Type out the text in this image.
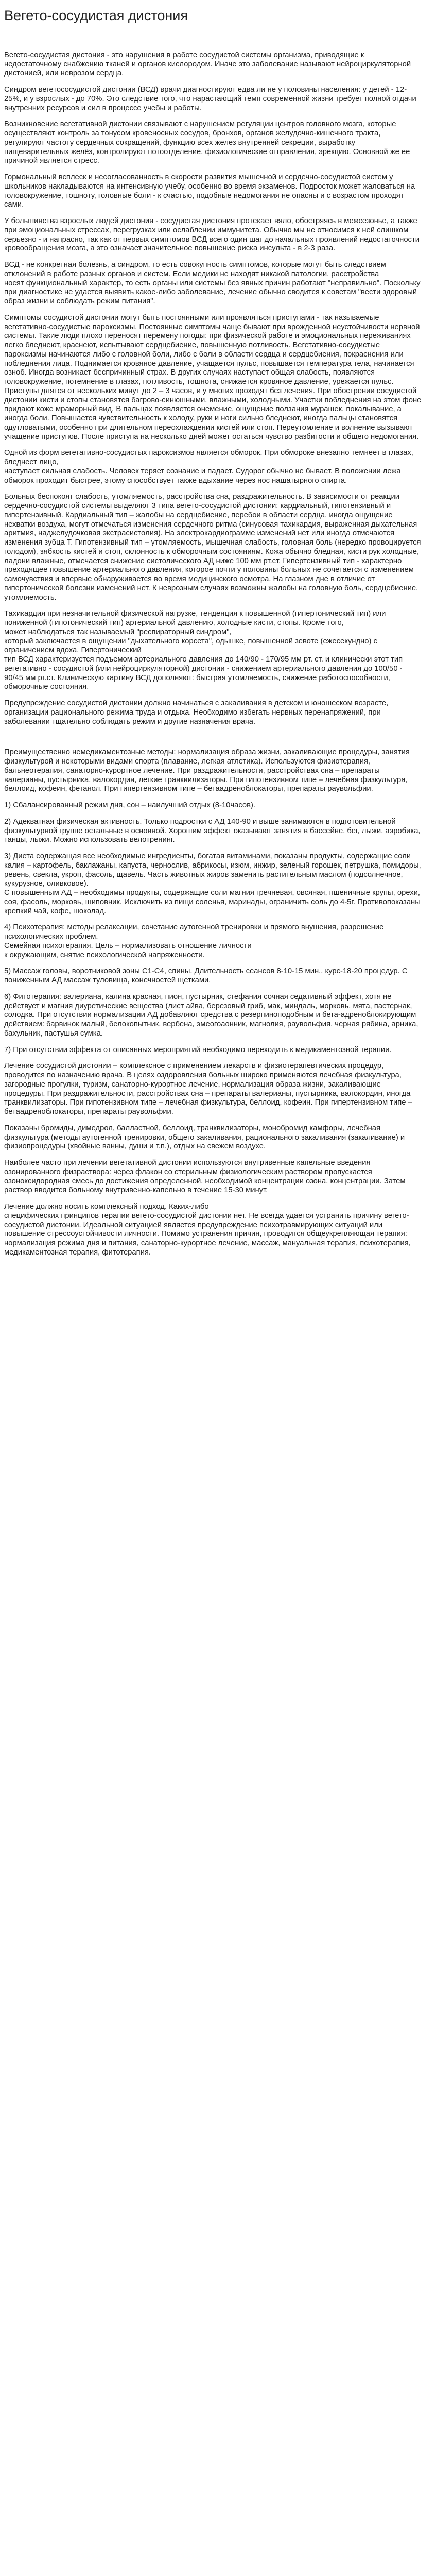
Вегето-сосудистая дистония

Вегето-сосудистая дистония - это нарушения в работе сосудистой системы организма, приводящие к недостаточному снабжению тканей и органов кислородом. Иначе это заболевание называют нейроциркуляторной дистонией, или неврозом сердца.

Синдром вегетососудистой дистонии (ВСД) врачи диагностируют едва ли не у половины населения: у детей - 12-25%, и у взрослых - до 70%. Это следствие того, что нарастающий темп современной жизни требует полной отдачи внутренних ресурсов и сил в процессе учебы и работы.

Возникновение вегетативной дистонии связывают с нарушением регуляции центров головного мозга, которые осуществляют контроль за тонусом кровеносных сосудов, бронхов, органов желудочно-кишечного тракта, регулируют частоту сердечных сокращений, функцию всех желез внутренней секреции, выработку пищеварительных желёз, контролируют потоотделение, физиологические отправления, эрекцию. Основной же ее причиной является стресс.

Гормональный всплеск и несогласованность в скорости развития мышечной и сердечно-сосудистой систем у школьников накладываются на интенсивную учебу, особенно во время экзаменов. Подросток может жаловаться на головокружение, тошноту, головные боли - к счастью, подобные недомогания не опасны и с возрастом проходят сами.

У большинства взрослых людей дистония - сосудистая дистония протекает вяло, обостряясь в межсезонье, а также при эмоциональных стрессах, перегрузках или ослаблении иммунитета. Обычно мы не относимся к ней слишком серьезно - и напрасно, так как от первых симптомов ВСД всего один шаг до начальных проявлений недостаточности кровообращения мозга, а это означает значительное повышение риска инсульта - в 2-3 раза.

ВСД - не конкретная болезнь, а синдром, то есть совокупность симптомов, которые могут быть следствием отклонений в работе разных органов и систем. Если медики не находят никакой патологии, расстройства
носят функциональный характер, то есть органы или системы без явных причин работают "неправильно". Поскольку при диагностике не удается выявить какое-либо заболевание, лечение обычно сводится к советам "вести здоровый образ жизни и соблюдать режим питания".

Симптомы сосудистой дистонии могут быть постоянными или проявляться приступами - так называемые вегетативно-сосудистые пароксизмы. Постоянные симптомы чаще бывают при врожденной неустойчивости нервной системы. Такие люди плохо переносят перемену погоды: при физической работе и эмоциональных переживаниях легко бледнеют, краснеют, испытывают сердцебиение, повышенную потливость. Вегетативно-сосудистые пароксизмы начинаются либо с головной боли, либо с боли в области сердца и сердцебиения, покраснения или побледнения лица. Поднимается кровяное давление, учащается пульс, повышается температура тела, начинается озноб. Иногда возникает беспричинный страх. В других случаях наступает общая слабость, появляются головокружение, потемнение в глазах, потливость, тошнота, снижается кровяное давление, урежается пульс. Приступы длятся от нескольких минут до 2 – 3 часов, и у многих проходят без лечения. При обострении сосудистой дистонии кисти и стопы становятся багрово-синюшными, влажными, холодными. Участки побледнения на этом фоне придают коже мраморный вид. В пальцах появляется онемение, ощущение ползания мурашек, покалывание, а иногда боли. Повышается чувствительность к холоду, руки и ноги сильно бледнеют, иногда пальцы становятся одутловатыми, особенно при длительном переохлаждении кистей или стоп. Переутомление и волнение вызывают учащение приступов. После приступа на несколько дней может остаться чувство разбитости и общего недомогания.

Одной из форм вегетативно-сосудистых пароксизмов является обморок. При обмороке внезапно темнеет в глазах, бледнеет лицо,
наступает сильная слабость. Человек теряет сознание и падает. Судорог обычно не бывает. В положении лежа обморок проходит быстрее, этому способствует также вдыхание через нос нашатырного спирта.

Больных беспокоят слабость, утомляемость, расстройства сна, раздражительность. В зависимости от реакции сердечно-сосудистой системы выделяют 3 типа вегето-сосудистой дистонии: кардиальный, гипотензивный и гипертензивный. Кардиальный тип – жалобы на сердцебиение, перебои в области сердца, иногда ощущение нехватки воздуха, могут отмечаться изменения сердечного ритма (синусовая тахикардия, выраженная дыхательная аритмия, наджелудочковая экстрасистолия). На электрокардиограмме изменений нет или иногда отмечаются изменения зубца Т. Гипотензивный тип – утомляемость, мышечная слабость, головная боль (нередко провоцируется голодом), зябкость кистей и стоп, склонность к обморочным состояниям. Кожа обычно бледная, кисти рук холодные, ладони влажные, отмечается снижение систолического АД ниже 100 мм рт.ст. Гипертензивный тип - характерно преходящее повышение артериального давления, которое почти у половины больных не сочетается с изменением самочувствия и впервые обнаруживается во время медицинского осмотра. На глазном дне в отличие от гипертонической болезни изменений нет. К неврозным случаях возможны жалобы на головную боль, сердцебиение, утомляемость.

Тахикардия при незначительной физической нагрузке, тенденция к повышенной (гипертонический тип) или пониженной (гипотонический тип) артериальной давлению, холодные кисти, стопы. Кроме того,
может наблюдаться так называемый "респираторный синдром",
который заключается в ощущении "дыхательного корсета", одышке, повышенной зевоте (ежесекундно) с ограничением вдоха. Гипертонический
тип ВСД характеризуется подъемом артериального давления до 140/90 - 170/95 мм рт. ст. и клинически этот тип вегетативно - сосудистой (или нейроциркуляторной) дистонии - снижением артериального давления до 100/50 - 90/45 мм рт.ст. Клиническую картину ВСД дополняют: быстрая утомляемость, снижение работоспособности, обморочные состояния.

Предупреждение сосудистой дистонии должно начинаться с закаливания в детском и юношеском возрасте, организации рационального режима труда и отдыха. Необходимо избегать нервных перенапряжений, при заболевании тщательно соблюдать режим и другие назначения врача.

Преимущественно немедикаментозные методы: нормализация образа жизни, закаливающие процедуры, занятия физкультурой и некоторыми видами спорта (плавание, легкая атлетика). Используются физиотерапия, бальнеотерапия, санаторно-курортное лечение. При раздражительности, расстройствах сна – препараты валерианы, пустырника, валокордин, легкие транквилизаторы. При гипотензивном типе – лечебная физкультура, беллоид, кофеин, фетанол. При гипертензивном типе – бетаадреноблокаторы, препараты раувольфии.

1) Сбалансированный режим дня, сон – наилучший отдых (8-10часов).

2) Адекватная физическая активность. Только подростки с АД 140-90 и выше занимаются в подготовительной физкультурной группе остальные в основной. Хорошим эффект оказывают занятия в бассейне, бег, лыжи, аэробика, танцы, лыжи. Можно использовать велотренинг.

3) Диета содержащая все необходимые ингредиенты, богатая витаминами, показаны продукты, содержащие соли калия – картофель, баклажаны, капуста, чернослив, абрикосы, изюм, инжир, зеленый горошек, петрушка, помидоры, ревень, свекла, укроп, фасоль, щавель. Часть животных жиров заменить растительным маслом (подсолнечное, кукурузное, оливковое).
С повышенным АД – необходимы продукты, содержащие соли магния гречневая, овсяная, пшеничные крупы, орехи, соя, фасоль, морковь, шиповник. Исключить из пищи соленья, маринады, ограничить соль до 4-5г. Противопоказаны крепкий чай, кофе, шоколад.

4) Психотерапия: методы релаксации, сочетание аутогенной тренировки и прямого внушения, разрешение психологических проблем.
Семейная психотерапия. Цель – нормализовать отношение личности
к окружающим, снятие психологической напряженности.

5) Массаж головы, воротниковой зоны С1-С4, спины. Длительность сеансов 8-10-15 мин., курс-18-20 процедур. С пониженным АД массаж туловища, конечностей щетками.

6) Фитотерапия: валериана, калина красная, пион, пустырник, стефания сочная седативный эффект, хотя не действует и магния диуретические вещества (лист айва, березовый гриб, мак, миндаль, морковь, мята, пастернак, солодка. При отсутствии нормализации АД добавляют средства с резерпиноподобным и бета-адреноблокирующим действием: барвинок малый, белокопытник, вербена, эмеогоаонник, магнолия, раувольфия, черная рябина, арника, бахульник, пастушья сумка.

7) При отсутствии эффекта от описанных мероприятий необходимо переходить к медикаментозной терапии.

Лечение сосудистой дистонии – комплексное с применением лекарств и физиотерапевтических процедур, проводится по назначению врача. В целях оздоровления больных широко применяются лечебная физкультура, загородные прогулки, туризм, санаторно-курортное лечение, нормализация образа жизни, закаливающие процедуры. При раздражительности, расстройствах сна – препараты валерианы, пустырника, валокордин, иногда транквилизаторы. При гипотензивном типе – лечебная физкультура, беллоид, кофеин. При гипертензивном типе – бетаадреноблокаторы, препараты раувольфии.

Показаны бромиды, димедрол, балластной, беллоид, транквилизаторы, монобромид камфоры, лечебная физкультура (методы аутогенной тренировки, общего закаливания, рационального закаливания (закаливание) и физиопроцедуры (хвойные ванны, души и т.п.), отдых на свежем воздухе.

Наиболее часто при лечении вегетативной дистонии используются внутривенные капельные введения озонированного физраствора: через флакон со стерильным физиологическим раствором пропускается озоноксидородная смесь до достижения определенной, необходимой концентрации озона, концентрации. Затем раствор вводится больному внутривенно-капельно в течение 15-30 минут.

Лечение должно носить комплексный подход. Каких-либо
специфических принципов терапии вегето-сосудистой дистонии нет. Не всегда удается устранить причину вегето-сосудистой дистонии. Идеальной ситуацией является предупреждение психотравмирующих ситуаций или повышение стрессоустойчивости личности. Помимо устранения причин, проводится общеукрепляющая терапия: нормализация режима дня и питания, санаторно-курортное лечение, массаж, мануальная терапия, психотерапия, медикаментозная терапия, фитотерапия.
